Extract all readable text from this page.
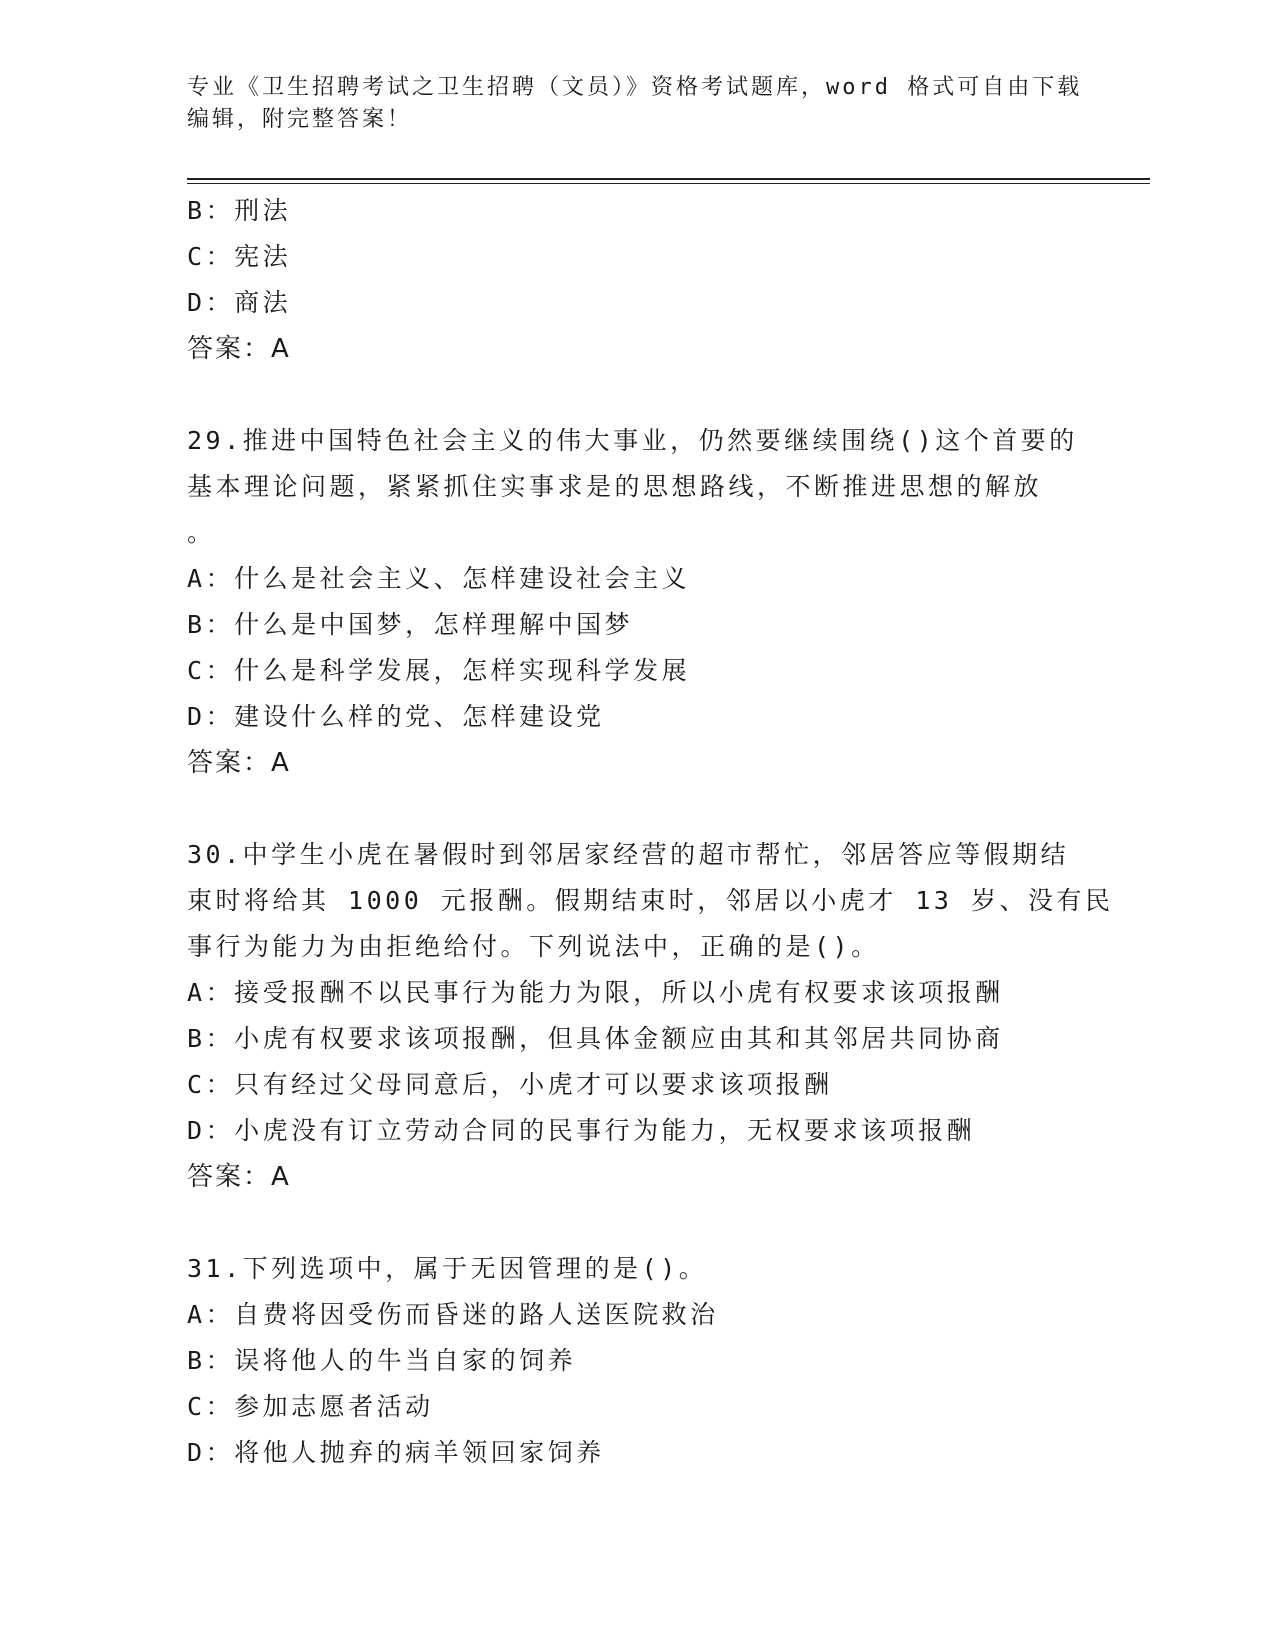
专业《卫生招聘考试之卫生招聘（文员）》资格考试题库，word 格式可自由下载编辑，附完整答案！
B：刑法
C：宪法
D：商法
答案：A
29.推进中国特色社会主义的伟大事业，仍然要继续围绕()这个首要的
基本理论问题，紧紧抓住实事求是的思想路线，不断推进思想的解放
。
A：什么是社会主义、怎样建设社会主义
B：什么是中国梦，怎样理解中国梦
C：什么是科学发展，怎样实现科学发展
D：建设什么样的党、怎样建设党
答案：A
30.中学生小虎在暑假时到邻居家经营的超市帮忙，邻居答应等假期结
束时将给其 1000 元报酬。假期结束时，邻居以小虎才 13 岁、没有民
事行为能力为由拒绝给付。下列说法中，正确的是()。
A：接受报酬不以民事行为能力为限，所以小虎有权要求该项报酬
B：小虎有权要求该项报酬，但具体金额应由其和其邻居共同协商
C：只有经过父母同意后，小虎才可以要求该项报酬
D：小虎没有订立劳动合同的民事行为能力，无权要求该项报酬
答案：A
31.下列选项中，属于无因管理的是()。
A：自费将因受伤而昏迷的路人送医院救治
B：误将他人的牛当自家的饲养
C：参加志愿者活动
D：将他人抛弃的病羊领回家饲养
